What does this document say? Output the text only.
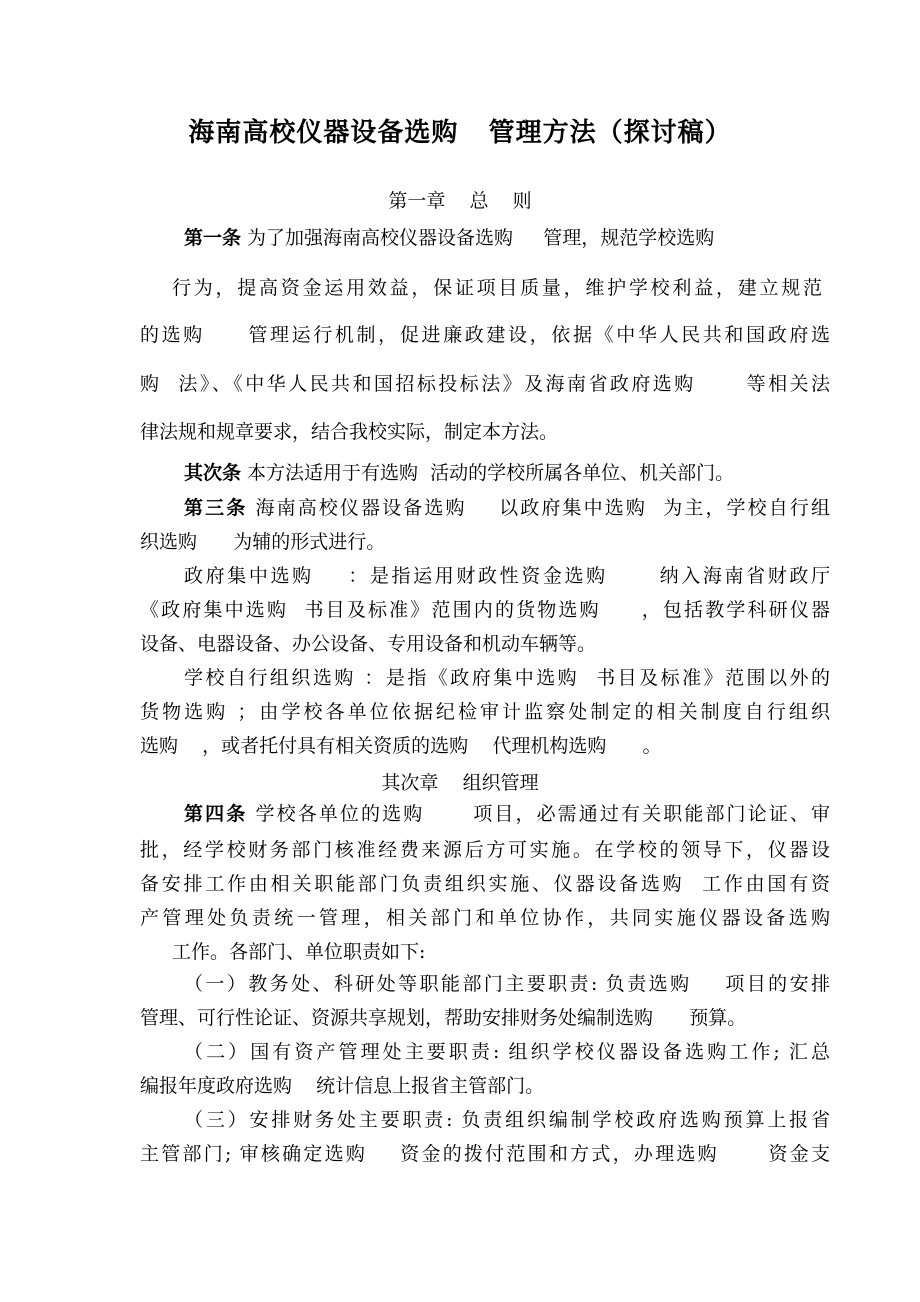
海南高校仪器设备选购   管理方法（探讨稿）
第一章    总    则
第一条 为了加强海南高校仪器设备选购     管理，规范学校选购
行为，提高资金运用效益，保证项目质量，维护学校利益，建立规范
的选购     管理运行机制，促进廉政建设，依据《中华人民共和国政府选
购  法》、《中华人民共和国招标投标法》及海南省政府选购      等相关法
律法规和规章要求，结合我校实际，制定本方法。
其次条 本方法适用于有选购  活动的学校所属各单位、机关部门。
第三条 海南高校仪器设备选购    以政府集中选购  为主，学校自行组
织选购      为辅的形式进行。
政府集中选购    ：是指运用财政性资金选购      纳入海南省财政厅
《政府集中选购  书目及标准》范围内的货物选购     ，包括教学科研仪器
设备、电器设备、办公设备、专用设备和机动车辆等。
学校自行组织选购 ：是指《政府集中选购  书目及标准》范围以外的
货物选购 ；由学校各单位依据纪检审计监察处制定的相关制度自行组织
选购    ，或者托付具有相关资质的选购    代理机构选购      。
其次章    组织管理
第四条 学校各单位的选购      项目，必需通过有关职能部门论证、审
批，经学校财务部门核准经费来源后方可实施。在学校的领导下，仪器设
备安排工作由相关职能部门负责组织实施、仪器设备选购  工作由国有资
产管理处负责统一管理，相关部门和单位协作，共同实施仪器设备选购
工作。各部门、单位职责如下:
（一）教务处、科研处等职能部门主要职责: 负责选购    项目的安排
管理、可行性论证、资源共享规划，帮助安排财务处编制选购      预算。
（二）国有资产管理处主要职责: 组织学校仪器设备选购工作; 汇总
编报年度政府选购    统计信息上报省主管部门。
（三）安排财务处主要职责: 负责组织编制学校政府选购预算上报省
主管部门; 审核确定选购    资金的拨付范围和方式，办理选购      资金支
